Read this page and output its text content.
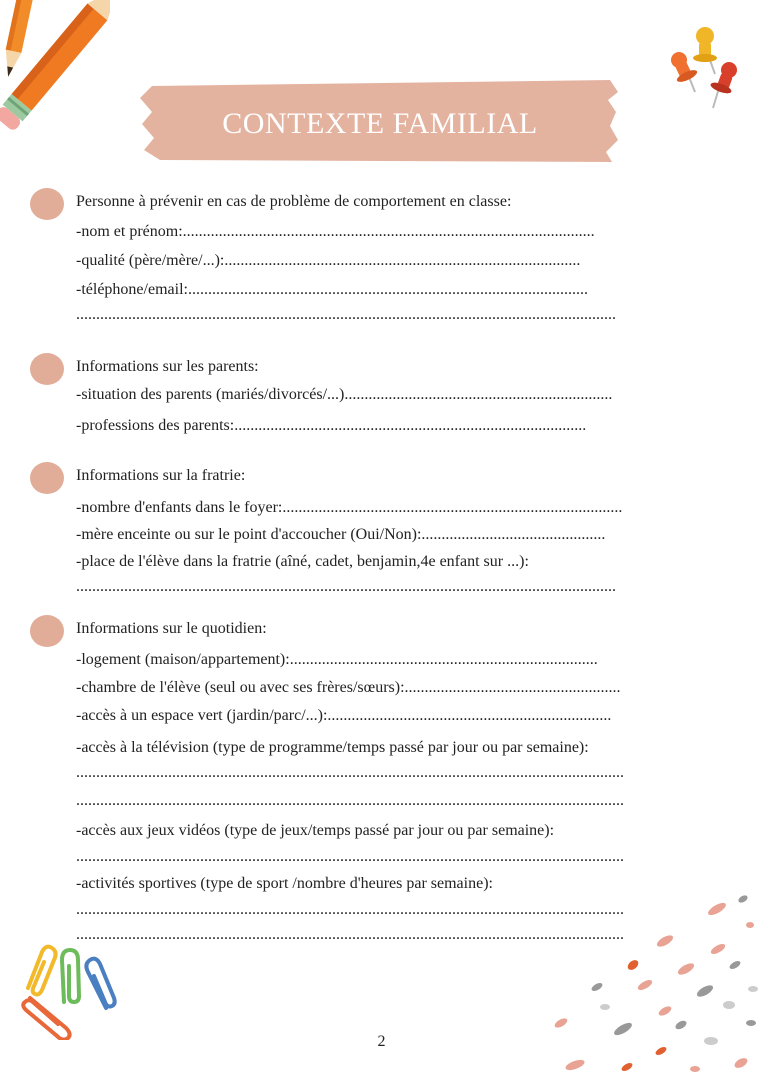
CONTEXTE FAMILIAL
Personne à prévenir en cas de problème de comportement en classe:
-nom et prénom:.......................................................................................................
-qualité (père/mère/...):.........................................................................................
-téléphone/email:....................................................................................................
.......................................................................................................................................
Informations sur les parents:
-situation des parents (mariés/divorcés/...)...................................................................
-professions des parents:........................................................................................
Informations sur la fratrie:
-nombre d'enfants dans le foyer:.....................................................................................
-mère enceinte ou sur le point d'accoucher (Oui/Non):..............................................
-place de l'élève dans la fratrie (aîné, cadet, benjamin,4e enfant sur ...):
.......................................................................................................................................
Informations sur le quotidien:
-logement (maison/appartement):.............................................................................
-chambre de l'élève (seul ou avec ses frères/sœurs):......................................................
-accès à un espace vert (jardin/parc/...):.......................................................................
-accès à la télévision (type de programme/temps passé par jour ou par semaine):
.........................................................................................................................................
.........................................................................................................................................
-accès aux jeux vidéos (type de jeux/temps passé par jour ou par semaine):
.........................................................................................................................................
-activités sportives (type de sport /nombre d'heures par semaine):
.........................................................................................................................................
.........................................................................................................................................
2
